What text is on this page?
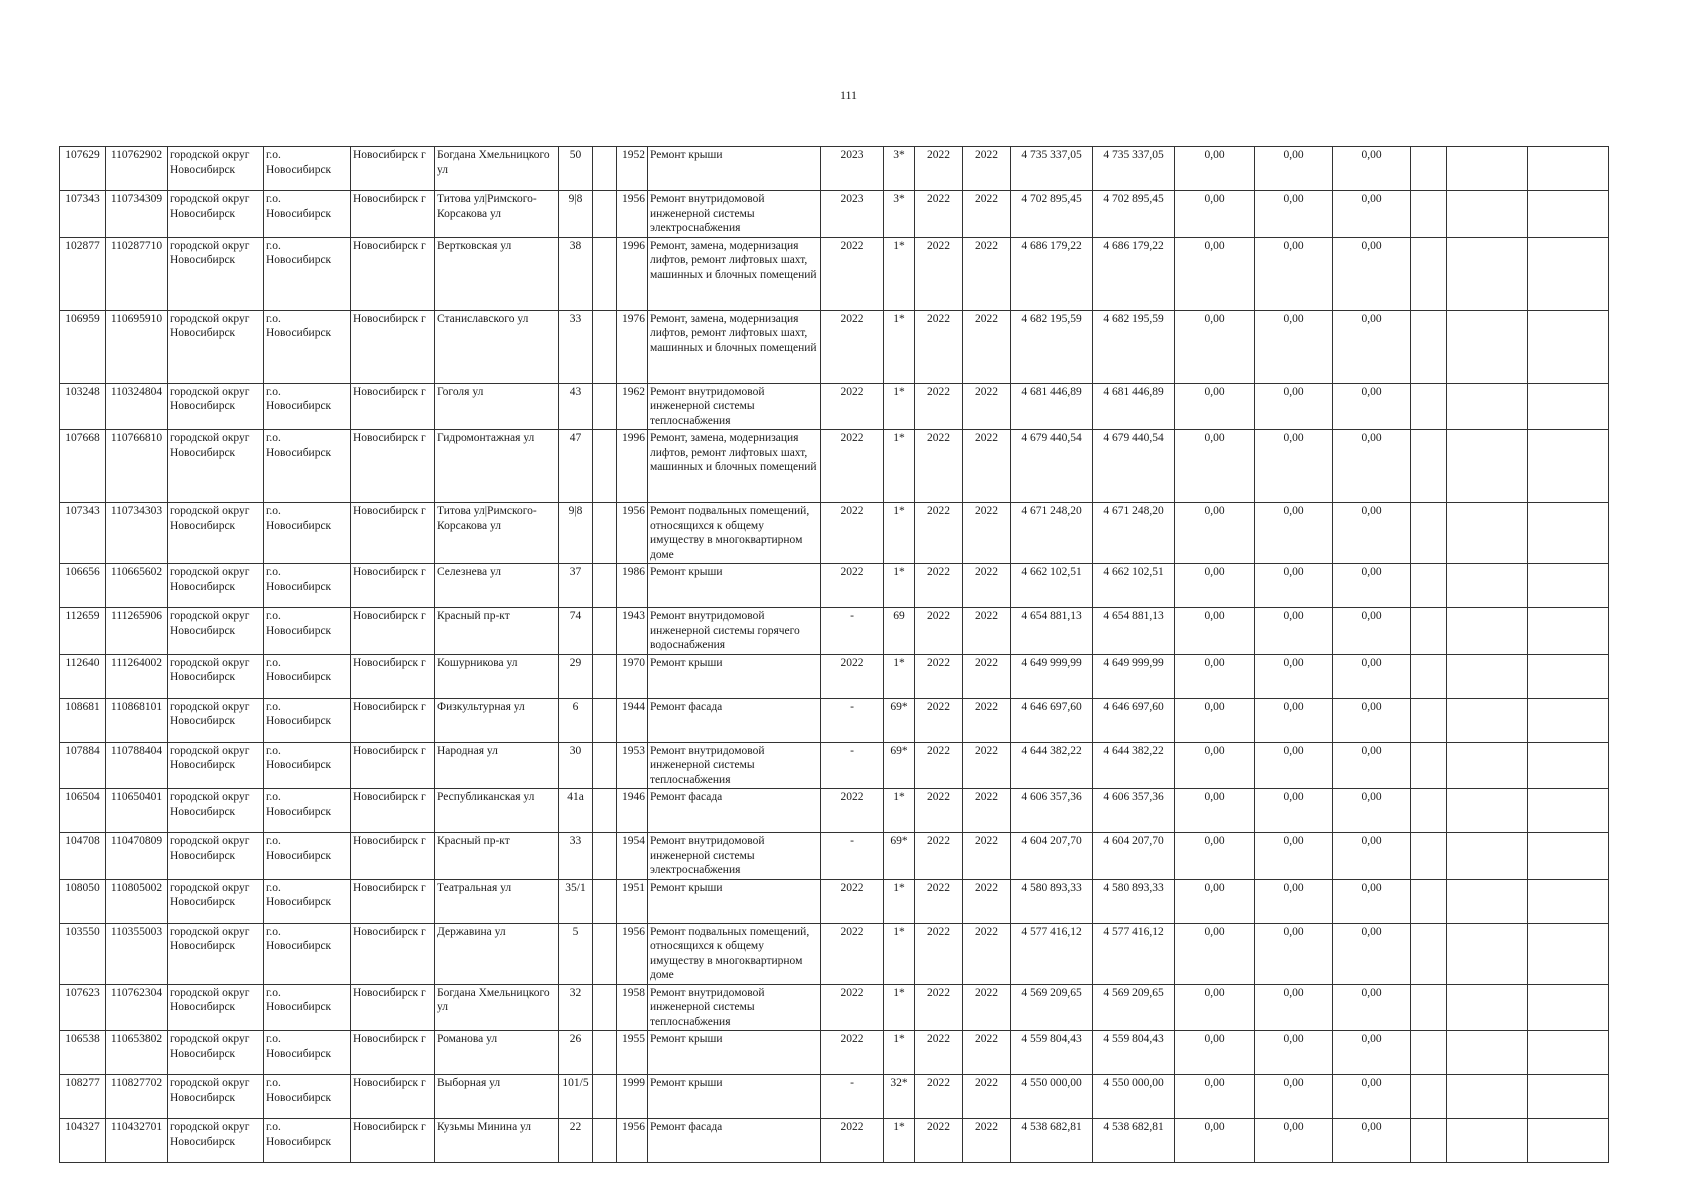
111
107629	110762902	городской округ Новосибирск	г.о. Новосибирск	Новосибирск г	Богдана Хмельницкого ул	50		1952	Ремонт крыши	2023	3*	2022	2022	4 735 337,05	4 735 337,05	0,00	0,00	0,00			
107343	110734309	городской округ Новосибирск	г.о. Новосибирск	Новосибирск г	Титова ул|Римского-Корсакова ул	9|8		1956	Ремонт внутридомовой инженерной системы электроснабжения	2023	3*	2022	2022	4 702 895,45	4 702 895,45	0,00	0,00	0,00			
102877	110287710	городской округ Новосибирск	г.о. Новосибирск	Новосибирск г	Вертковская ул	38		1996	Ремонт, замена, модернизация лифтов, ремонт лифтовых шахт, машинных и блочных помещений	2022	1*	2022	2022	4 686 179,22	4 686 179,22	0,00	0,00	0,00			
106959	110695910	городской округ Новосибирск	г.о. Новосибирск	Новосибирск г	Станиславского ул	33		1976	Ремонт, замена, модернизация лифтов, ремонт лифтовых шахт, машинных и блочных помещений	2022	1*	2022	2022	4 682 195,59	4 682 195,59	0,00	0,00	0,00			
103248	110324804	городской округ Новосибирск	г.о. Новосибирск	Новосибирск г	Гоголя ул	43		1962	Ремонт внутридомовой инженерной системы теплоснабжения	2022	1*	2022	2022	4 681 446,89	4 681 446,89	0,00	0,00	0,00			
107668	110766810	городской округ Новосибирск	г.о. Новосибирск	Новосибирск г	Гидромонтажная ул	47		1996	Ремонт, замена, модернизация лифтов, ремонт лифтовых шахт, машинных и блочных помещений	2022	1*	2022	2022	4 679 440,54	4 679 440,54	0,00	0,00	0,00			
107343	110734303	городской округ Новосибирск	г.о. Новосибирск	Новосибирск г	Титова ул|Римского-Корсакова ул	9|8		1956	Ремонт подвальных помещений, относящихся к общему имуществу в многоквартирном доме	2022	1*	2022	2022	4 671 248,20	4 671 248,20	0,00	0,00	0,00			
106656	110665602	городской округ Новосибирск	г.о. Новосибирск	Новосибирск г	Селезнева ул	37		1986	Ремонт крыши	2022	1*	2022	2022	4 662 102,51	4 662 102,51	0,00	0,00	0,00			
112659	111265906	городской округ Новосибирск	г.о. Новосибирск	Новосибирск г	Красный пр-кт	74		1943	Ремонт внутридомовой инженерной системы горячего водоснабжения	-	69	2022	2022	4 654 881,13	4 654 881,13	0,00	0,00	0,00			
112640	111264002	городской округ Новосибирск	г.о. Новосибирск	Новосибирск г	Кошурникова ул	29		1970	Ремонт крыши	2022	1*	2022	2022	4 649 999,99	4 649 999,99	0,00	0,00	0,00			
108681	110868101	городской округ Новосибирск	г.о. Новосибирск	Новосибирск г	Физкультурная ул	6		1944	Ремонт фасада	-	69*	2022	2022	4 646 697,60	4 646 697,60	0,00	0,00	0,00			
107884	110788404	городской округ Новосибирск	г.о. Новосибирск	Новосибирск г	Народная ул	30		1953	Ремонт внутридомовой инженерной системы теплоснабжения	-	69*	2022	2022	4 644 382,22	4 644 382,22	0,00	0,00	0,00			
106504	110650401	городской округ Новосибирск	г.о. Новосибирск	Новосибирск г	Республиканская ул	41а		1946	Ремонт фасада	2022	1*	2022	2022	4 606 357,36	4 606 357,36	0,00	0,00	0,00			
104708	110470809	городской округ Новосибирск	г.о. Новосибирск	Новосибирск г	Красный пр-кт	33		1954	Ремонт внутридомовой инженерной системы электроснабжения	-	69*	2022	2022	4 604 207,70	4 604 207,70	0,00	0,00	0,00			
108050	110805002	городской округ Новосибирск	г.о. Новосибирск	Новосибирск г	Театральная ул	35/1		1951	Ремонт крыши	2022	1*	2022	2022	4 580 893,33	4 580 893,33	0,00	0,00	0,00			
103550	110355003	городской округ Новосибирск	г.о. Новосибирск	Новосибирск г	Державина ул	5		1956	Ремонт подвальных помещений, относящихся к общему имуществу в многоквартирном доме	2022	1*	2022	2022	4 577 416,12	4 577 416,12	0,00	0,00	0,00			
107623	110762304	городской округ Новосибирск	г.о. Новосибирск	Новосибирск г	Богдана Хмельницкого ул	32		1958	Ремонт внутридомовой инженерной системы теплоснабжения	2022	1*	2022	2022	4 569 209,65	4 569 209,65	0,00	0,00	0,00			
106538	110653802	городской округ Новосибирск	г.о. Новосибирск	Новосибирск г	Романова ул	26		1955	Ремонт крыши	2022	1*	2022	2022	4 559 804,43	4 559 804,43	0,00	0,00	0,00			
108277	110827702	городской округ Новосибирск	г.о. Новосибирск	Новосибирск г	Выборная ул	101/5		1999	Ремонт крыши	-	32*	2022	2022	4 550 000,00	4 550 000,00	0,00	0,00	0,00			
104327	110432701	городской округ Новосибирск	г.о. Новосибирск	Новосибирск г	Кузьмы Минина ул	22		1956	Ремонт фасада	2022	1*	2022	2022	4 538 682,81	4 538 682,81	0,00	0,00	0,00			
